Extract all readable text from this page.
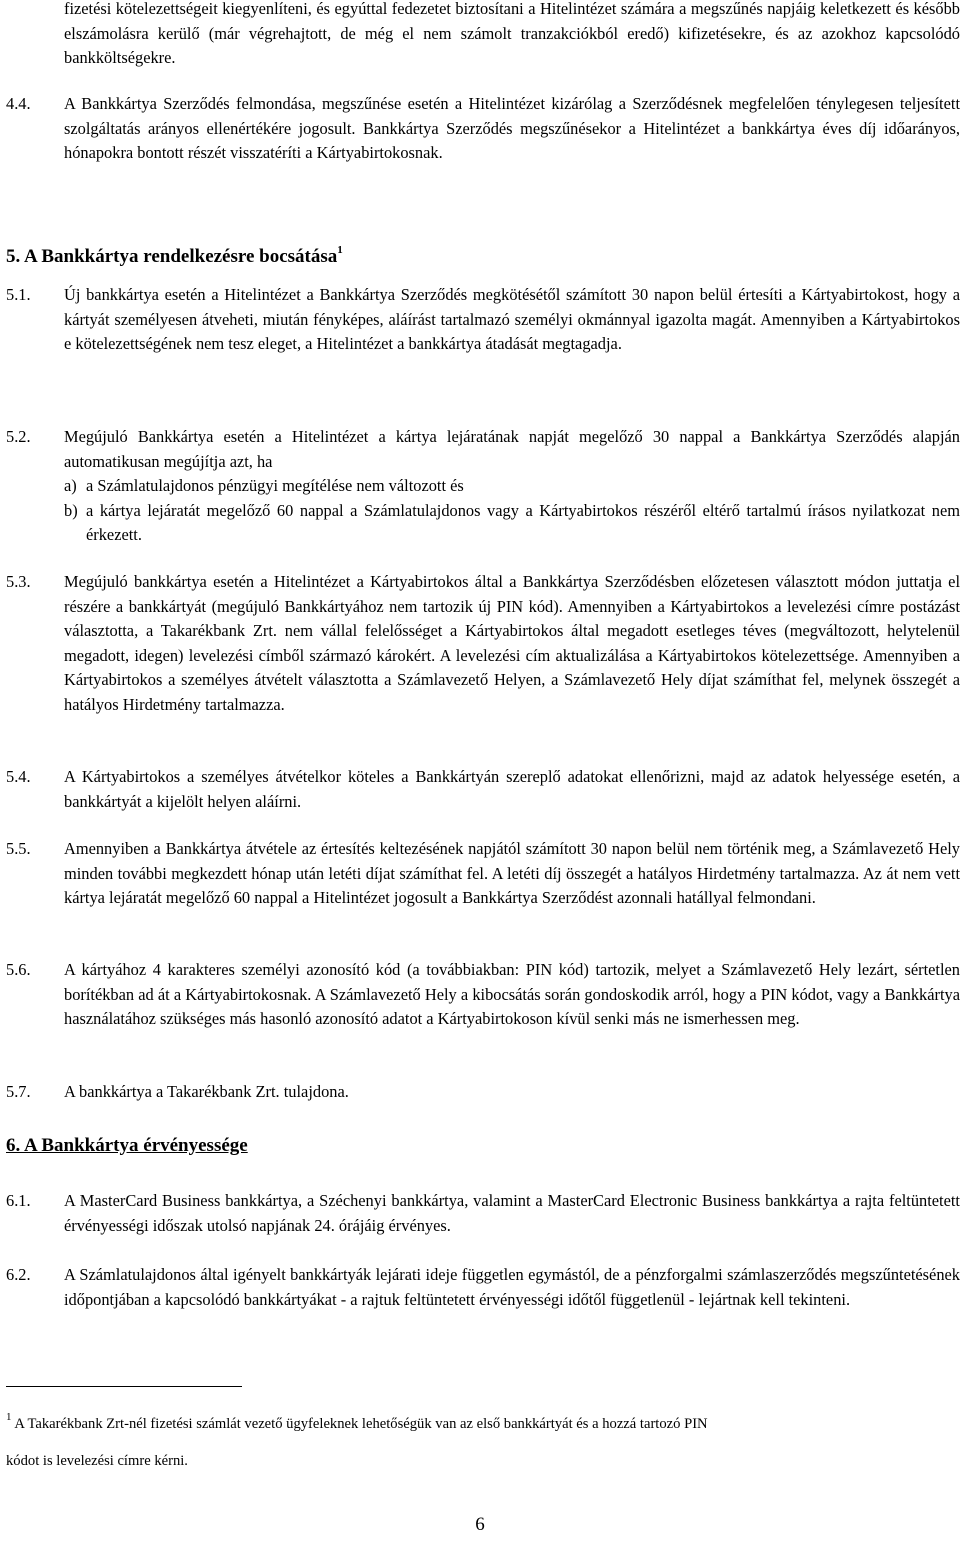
fizetési kötelezettségeit kiegyenlíteni, és egyúttal fedezetet biztosítani a Hitelintézet számára a megszűnés napjáig keletkezett és később elszámolásra kerülő (már végrehajtott, de még el nem számolt tranzakciókból eredő) kifizetésekre, és az azokhoz kapcsolódó bankköltségekre.

4.4. A Bankkártya Szerződés felmondása, megszűnése esetén a Hitelintézet kizárólag a Szerződésnek megfelelően ténylegesen teljesített szolgáltatás arányos ellenértékére jogosult. Bankkártya Szerződés megszűnésekor a Hitelintézet a bankkártya éves díj időarányos, hónapokra bontott részét visszatéríti a Kártyabirtokosnak.
5. A Bankkártya rendelkezésre bocsátása$^1$
5.1. Új bankkártya esetén a Hitelintézet a Bankkártya Szerződés megkötésétől számított 30 napon belül értesíti a Kártyabirtokost, hogy a kártyát személyesen átveheti, miután fényképes, aláírást tartalmazó személyi okmánnyal igazolta magát. Amennyiben a Kártyabirtokos e kötelezettségének nem tesz eleget, a Hitelintézet a bankkártya átadását megtagadja.
5.2. Megújuló Bankkártya esetén a Hitelintézet a kártya lejáratának napját megelőző 30 nappal a Bankkártya Szerződés alapján automatikusan megújítja azt, ha
a) a Számlatulajdonos pénzügyi megítélése nem változott és
b) a kártya lejáratát megelőző 60 nappal a Számlatulajdonos vagy a Kártyabirtokos részéről eltérő tartalmú írásos nyilatkozat nem érkezett.
5.3. Megújuló bankkártya esetén a Hitelintézet a Kártyabirtokos által a Bankkártya Szerződésben előzetesen választott módon juttatja el részére a bankkártyát (megújuló Bankkártyához nem tartozik új PIN kód). Amennyiben a Kártyabirtokos a levelezési címre postázást választotta, a Takarékbank Zrt. nem vállal felelősséget a Kártyabirtokos által megadott esetleges téves (megváltozott, helytelenül megadott, idegen) levelezési címből származó károkért. A levelezési cím aktualizálása a Kártyabirtokos kötelezettsége. Amennyiben a Kártyabirtokos a személyes átvételt választotta a Számlavezető Helyen, a Számlavezető Hely díjat számíthat fel, melynek összegét a hatályos Hirdetmény tartalmazza.
5.4. A Kártyabirtokos a személyes átvételkor köteles a Bankkártyán szereplő adatokat ellenőrizni, majd az adatok helyessége esetén, a bankkártyát a kijelölt helyen aláírni.
5.5. Amennyiben a Bankkártya átvétele az értesítés keltezésének napjától számított 30 napon belül nem történik meg, a Számlavezető Hely minden további megkezdett hónap után letéti díjat számíthat fel. A letéti díj összegét a hatályos Hirdetmény tartalmazza. Az át nem vett kártya lejáratát megelőző 60 nappal a Hitelintézet jogosult a Bankkártya Szerződést azonnali hatállyal felmondani.
5.6. A kártyához 4 karakteres személyi azonosító kód (a továbbiakban: PIN kód) tartozik, melyet a Számlavezető Hely lezárt, sértetlen borítékban ad át a Kártyabirtokosnak. A Számlavezető Hely a kibocsátás során gondoskodik arról, hogy a PIN kódot, vagy a Bankkártya használatához szükséges más hasonló azonosító adatot a Kártyabirtokoson kívül senki más ne ismerhessen meg.
5.7. A bankkártya a Takarékbank Zrt. tulajdona.
6. A Bankkártya érvényessége
6.1. A MasterCard Business bankkártya, a Széchenyi bankkártya, valamint a MasterCard Electronic Business bankkártya a rajta feltüntetett érvényességi időszak utolsó napjának 24. órájáig érvényes.
6.2. A Számlatulajdonos által igényelt bankkártyák lejárati ideje független egymástól, de a pénzforgalmi számlaszerződés megszűntetésének időpontjában a kapcsolódó bankkártyákat - a rajtuk feltüntetett érvényességi időtől függetlenül - lejártnak kell tekinteni.
$^1$ A Takarékbank Zrt-nél fizetési számlát vezető ügyfeleknek lehetőségük van az első bankkártyát és a hozzá tartozó PIN
kódot is levelezési címre kérni.
6
